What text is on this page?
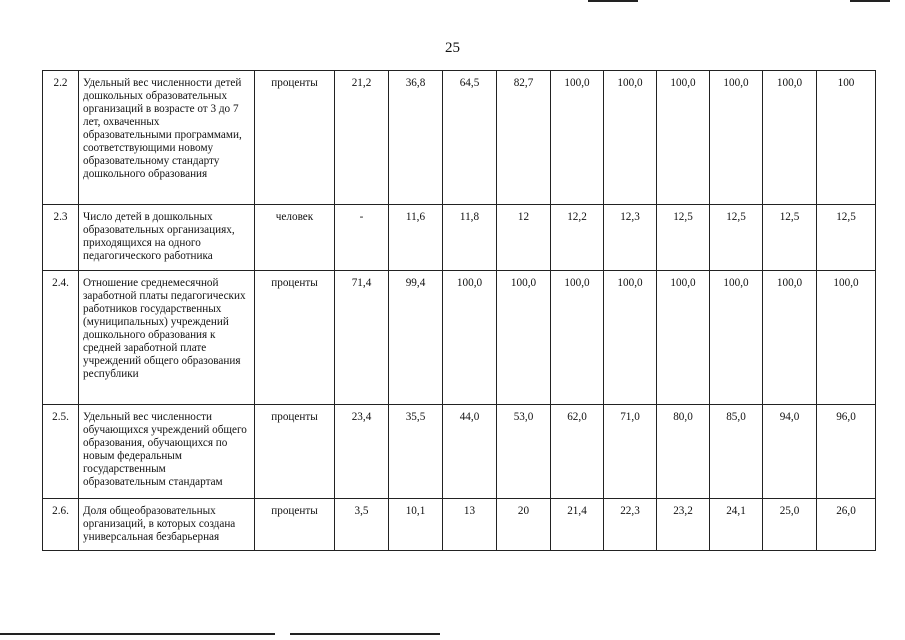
25
2.2	Удельный вес численности детей дошкольных образовательных организаций в возрасте от 3 до 7 лет, охваченных образовательными программами, соответствующими новому образовательному стандарту дошкольного образования	проценты	21,2	36,8	64,5	82,7	100,0	100,0	100,0	100,0	100,0	100
2.3	Число детей в дошкольных образовательных организациях, приходящихся на одного педагогического работника	человек	-	11,6	11,8	12	12,2	12,3	12,5	12,5	12,5	12,5
2.4.	Отношение среднемесячной заработной платы педагогических работников государственных (муниципальных) учреждений дошкольного образования к средней заработной плате учреждений общего образования республики	проценты	71,4	99,4	100,0	100,0	100,0	100,0	100,0	100,0	100,0	100,0
2.5.	Удельный вес численности обучающихся учреждений общего образования, обучающихся по новым федеральным государственным образовательным стандартам	проценты	23,4	35,5	44,0	53,0	62,0	71,0	80,0	85,0	94,0	96,0
2.6.	Доля общеобразовательных организаций, в которых создана универсальная безбарьерная	проценты	3,5	10,1	13	20	21,4	22,3	23,2	24,1	25,0	26,0
